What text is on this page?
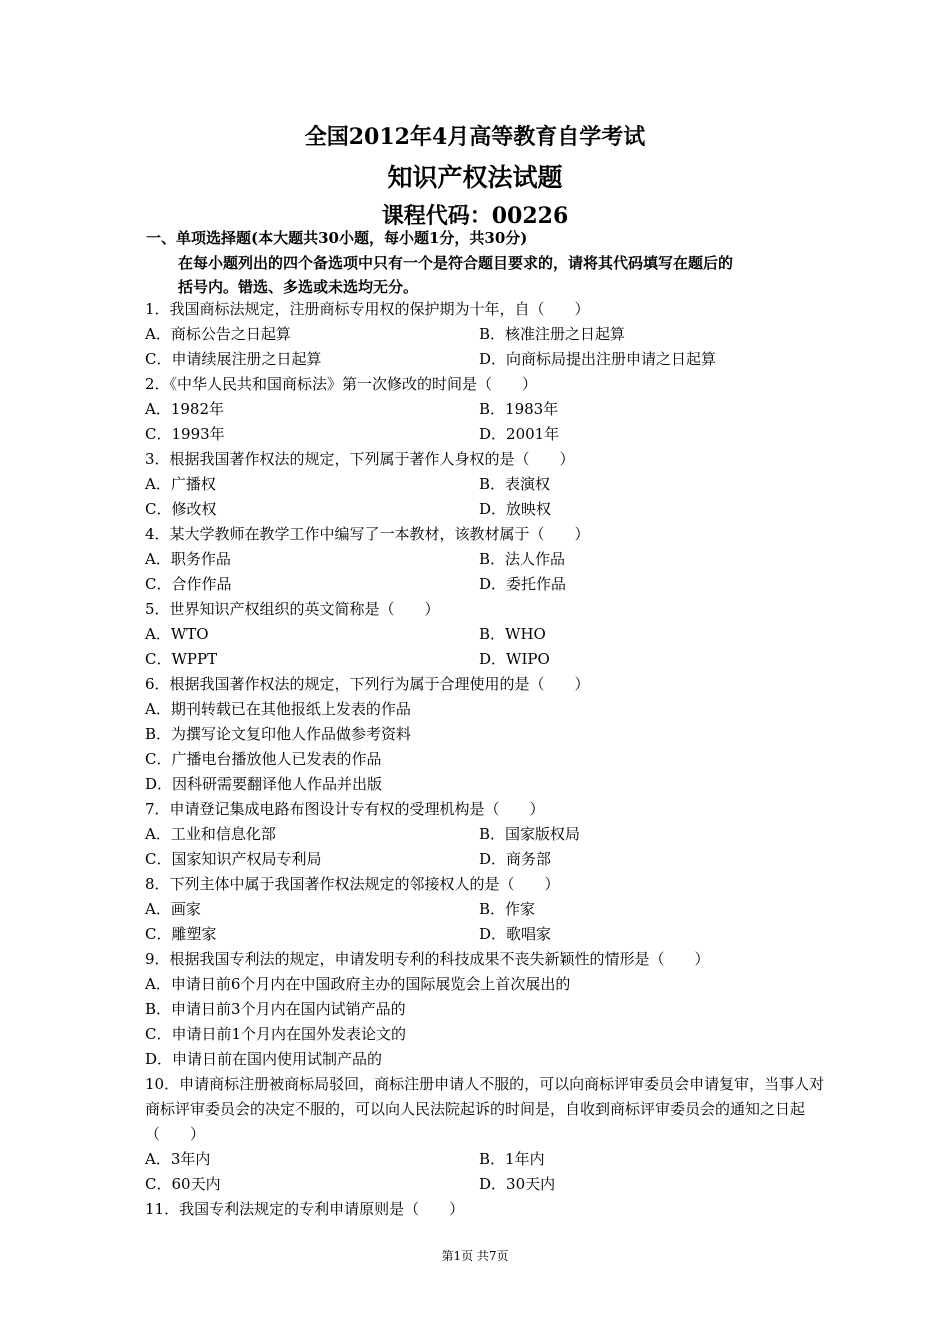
全国2012年4月高等教育自学考试
知识产权法试题
课程代码：00226
一、单项选择题(本大题共30小题，每小题1分，共30分)
在每小题列出的四个备选项中只有一个是符合题目要求的，请将其代码填写在题后的
括号内。错选、多选或未选均无分。
1．我国商标法规定，注册商标专用权的保护期为十年，自（　　）
A．商标公告之日起算	B．核准注册之日起算
C．申请续展注册之日起算	D．向商标局提出注册申请之日起算
2．《中华人民共和国商标法》第一次修改的时间是（　　）
A．1982年	B．1983年
C．1993年	D．2001年
3．根据我国著作权法的规定，下列属于著作人身权的是（　　）
A．广播权	B．表演权
C．修改权	D．放映权
4．某大学教师在教学工作中编写了一本教材，该教材属于（　　）
A．职务作品	B．法人作品
C．合作作品	D．委托作品
5．世界知识产权组织的英文简称是（　　）
A．WTO	B．WHO
C．WPPT	D．WIPO
6．根据我国著作权法的规定，下列行为属于合理使用的是（　　）
A．期刊转载已在其他报纸上发表的作品
B．为撰写论文复印他人作品做参考资料
C．广播电台播放他人已发表的作品
D．因科研需要翻译他人作品并出版
7．申请登记集成电路布图设计专有权的受理机构是（　　）
A．工业和信息化部	B．国家版权局
C．国家知识产权局专利局	D．商务部
8．下列主体中属于我国著作权法规定的邻接权人的是（　　）
A．画家	B．作家
C．雕塑家	D．歌唱家
9．根据我国专利法的规定，申请发明专利的科技成果不丧失新颖性的情形是（　　）
A．申请日前6个月内在中国政府主办的国际展览会上首次展出的
B．申请日前3个月内在国内试销产品的
C．申请日前1个月内在国外发表论文的
D．申请日前在国内使用试制产品的
10．申请商标注册被商标局驳回，商标注册申请人不服的，可以向商标评审委员会申请复审，当事人对商标评审委员会的决定不服的，可以向人民法院起诉的时间是，自收到商标评审委员会的通知之日起（　　）
A．3年内	B．1年内
C．60天内	D．30天内
11．我国专利法规定的专利申请原则是（　　）
第1页 共7页
